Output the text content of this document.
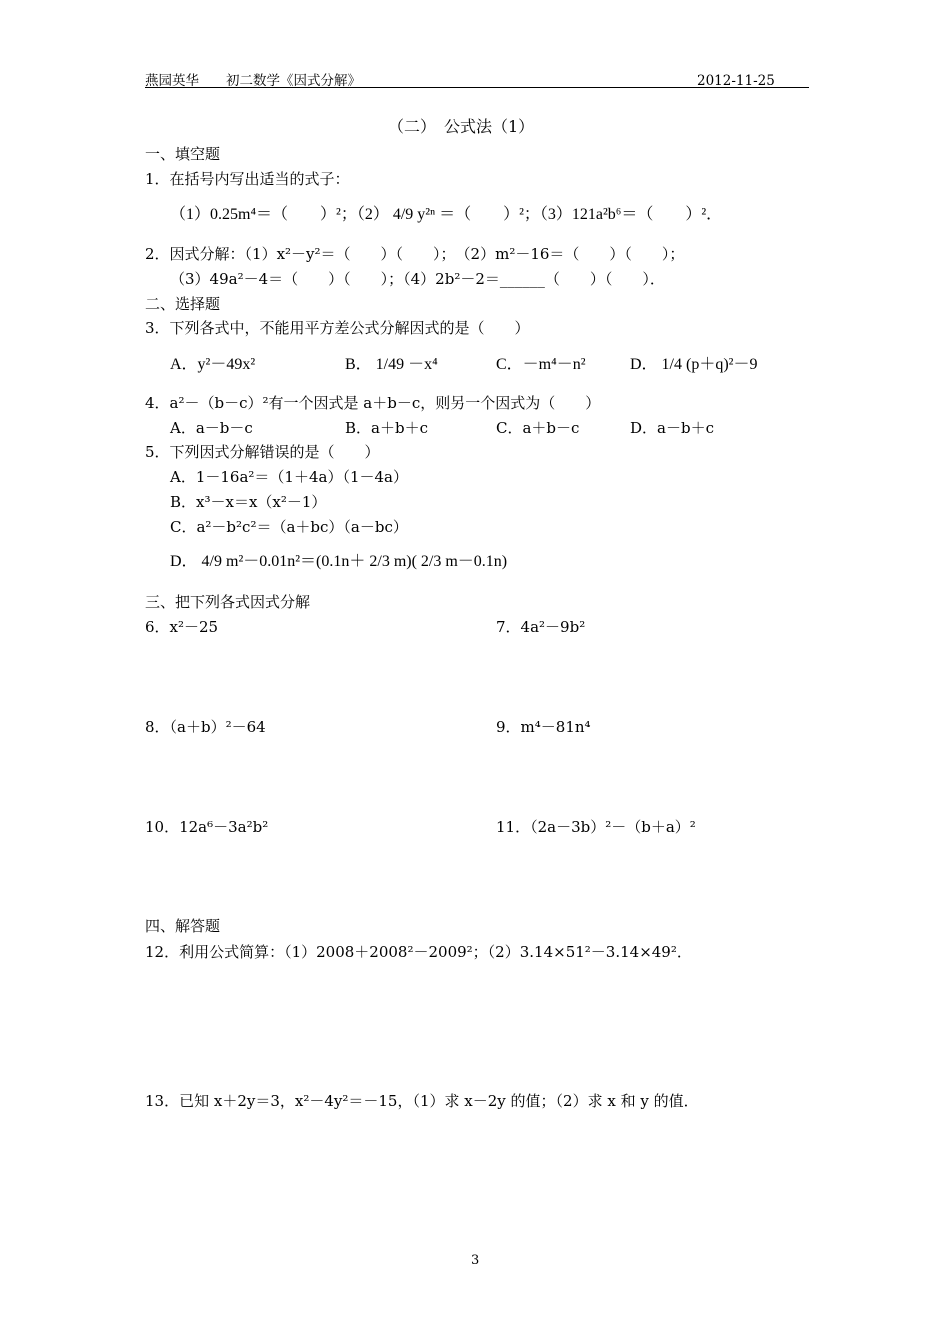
燕园英华　　初二数学《因式分解》	2012-11-25
（二）　公式法（1）
一、填空题
1．在括号内写出适当的式子：
（1）0.25m⁴＝（　　）²；（2） 4/9 y²ⁿ ＝（　　）²；（3）121a²b⁶＝（　　）²．
2．因式分解：（1）x²－y²＝（　　）（　　）；　（2）m²－16＝（　　）（　　）；
（3）49a²－4＝（　　）（　　）；（4）2b²－2＝______（　　）（　　）．
二、选择题
3．下列各式中，不能用平方差公式分解因式的是（　　）
A．y²－49x²	B． 1/49 －x⁴	C．－m⁴－n²	D． 1/4 (p＋q)²－9
4．a²－（b－c）²有一个因式是 a＋b－c，则另一个因式为（　　）
A．a－b－c	B．a＋b＋c	C．a＋b－c	D．a－b＋c
5．下列因式分解错误的是（　　）
A．1－16a²＝（1＋4a）（1－4a）
B．x³－x＝x（x²－1）
C．a²－b²c²＝（a＋bc）（a－bc）
D． 4/9 m²－0.01n²＝(0.1n＋ 2/3 m)( 2/3 m－0.1n)
三、把下列各式因式分解
6．x²－25	7．4a²－9b²
8．（a＋b）²－64	9．m⁴－81n⁴
10．12a⁶－3a²b²	11．（2a－3b）²－（b＋a）²
四、解答题
12．利用公式简算：（1）2008＋2008²－2009²；（2）3.14×51²－3.14×49²．
13．已知 x＋2y＝3，x²－4y²＝－15，（1）求 x－2y 的值；（2）求 x 和 y 的值．
3
